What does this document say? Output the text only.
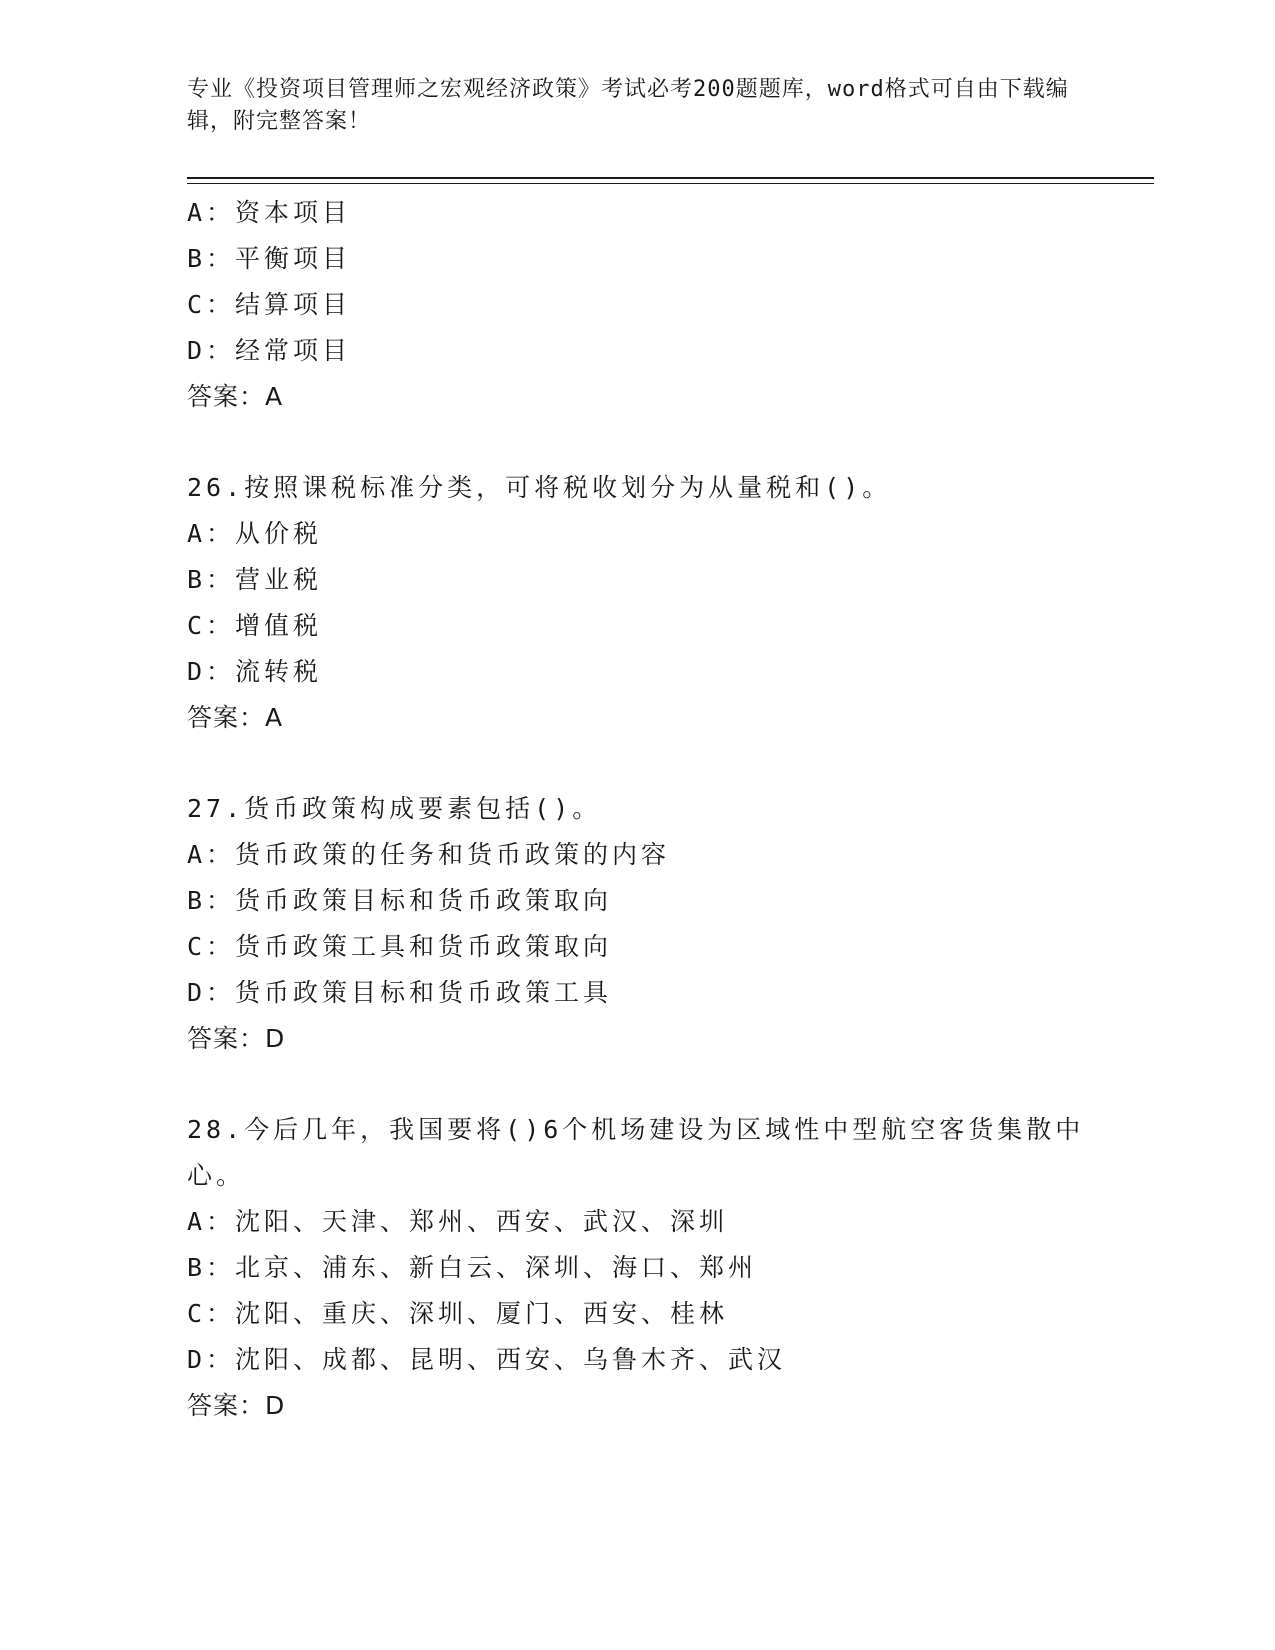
专业《投资项目管理师之宏观经济政策》考试必考200题题库，word格式可自由下载编辑，附完整答案！
A：资本项目
B：平衡项目
C：结算项目
D：经常项目
答案：A
26.按照课税标准分类，可将税收划分为从量税和()。
A：从价税
B：营业税
C：增值税
D：流转税
答案：A
27.货币政策构成要素包括()。
A：货币政策的任务和货币政策的内容
B：货币政策目标和货币政策取向
C：货币政策工具和货币政策取向
D：货币政策目标和货币政策工具
答案：D
28.今后几年，我国要将()6个机场建设为区域性中型航空客货集散中心。
A：沈阳、天津、郑州、西安、武汉、深圳
B：北京、浦东、新白云、深圳、海口、郑州
C：沈阳、重庆、深圳、厦门、西安、桂林
D：沈阳、成都、昆明、西安、乌鲁木齐、武汉
答案：D
